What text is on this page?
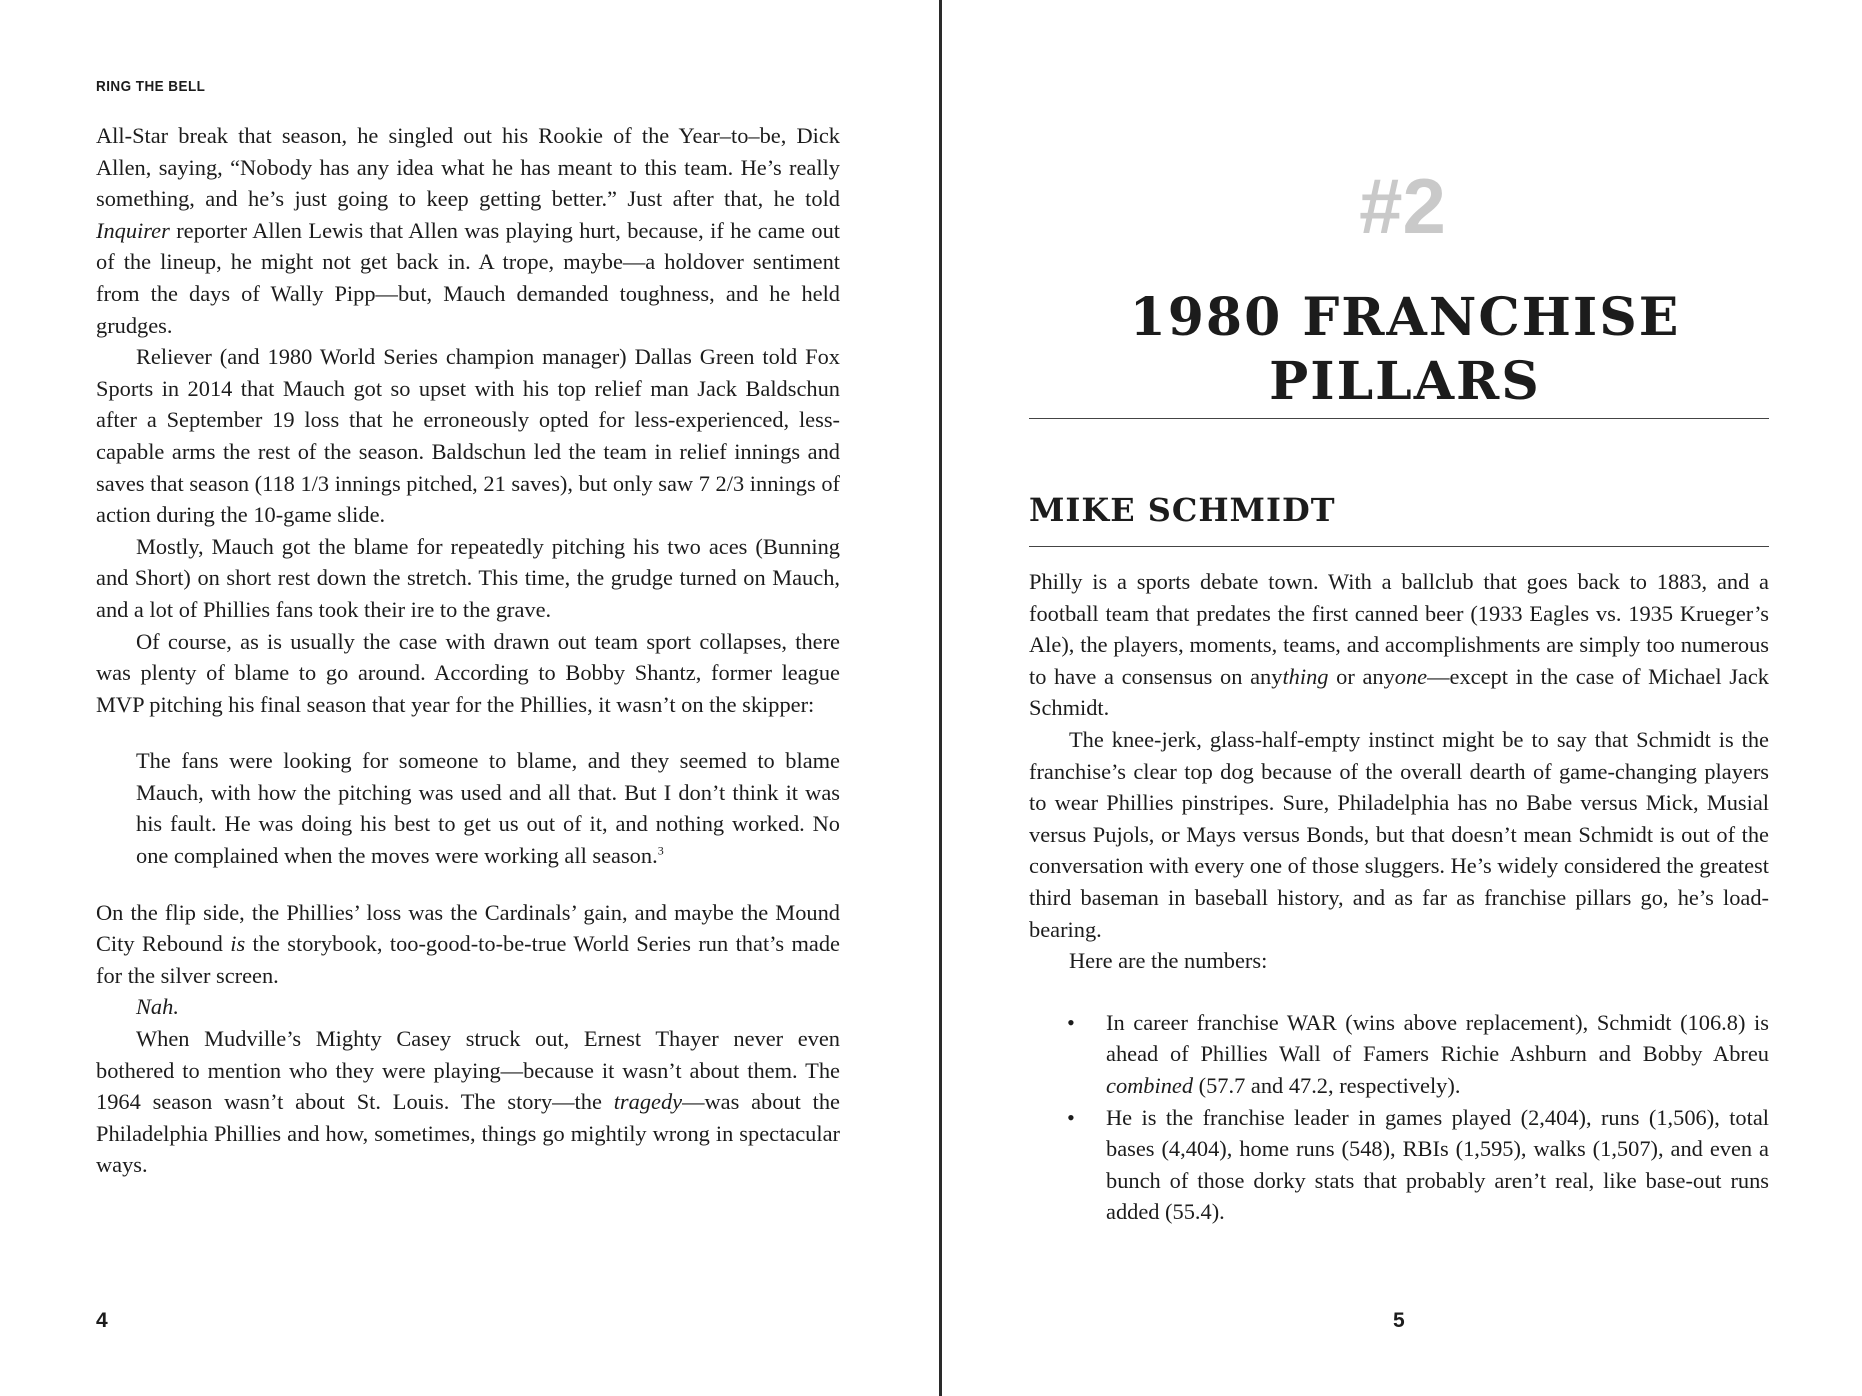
RING THE BELL

All-Star break that season, he singled out his Rookie of the Year–to–be, Dick Allen, saying, “Nobody has any idea what he has meant to this team. He’s really something, and he’s just going to keep getting better.” Just after that, he told Inquirer reporter Allen Lewis that Allen was playing hurt, because, if he came out of the lineup, he might not get back in. A trope, maybe—a holdover sentiment from the days of Wally Pipp—but, Mauch demanded toughness, and he held grudges.

Reliever (and 1980 World Series champion manager) Dallas Green told Fox Sports in 2014 that Mauch got so upset with his top relief man Jack Baldschun after a September 19 loss that he erroneously opted for less-experienced, less-capable arms the rest of the season. Baldschun led the team in relief innings and saves that season (118 1/3 innings pitched, 21 saves), but only saw 7 2/3 innings of action during the 10-game slide.

Mostly, Mauch got the blame for repeatedly pitching his two aces (Bunning and Short) on short rest down the stretch. This time, the grudge turned on Mauch, and a lot of Phillies fans took their ire to the grave.

Of course, as is usually the case with drawn out team sport collapses, there was plenty of blame to go around. According to Bobby Shantz, former league MVP pitching his final season that year for the Phillies, it wasn’t on the skipper:

The fans were looking for someone to blame, and they seemed to blame Mauch, with how the pitching was used and all that. But I don’t think it was his fault. He was doing his best to get us out of it, and nothing worked. No one complained when the moves were working all season.$^3$

On the flip side, the Phillies’ loss was the Cardinals’ gain, and maybe the Mound City Rebound is the storybook, too-good-to-be-true World Series run that’s made for the silver screen.

Nah.

When Mudville’s Mighty Casey struck out, Ernest Thayer never even bothered to mention who they were playing—because it wasn’t about them. The 1964 season wasn’t about St. Louis. The story—the tragedy—was about the Philadelphia Phillies and how, sometimes, things go mightily wrong in spectacular ways.

4
#2
1980 FRANCHISE
PILLARS
MIKE SCHMIDT

Philly is a sports debate town. With a ballclub that goes back to 1883, and a football team that predates the first canned beer (1933 Eagles vs. 1935 Krueger’s Ale), the players, moments, teams, and accomplishments are simply too numerous to have a consensus on anything or anyone—except in the case of Michael Jack Schmidt.

The knee-jerk, glass-half-empty instinct might be to say that Schmidt is the franchise’s clear top dog because of the overall dearth of game-changing players to wear Phillies pinstripes. Sure, Philadelphia has no Babe versus Mick, Musial versus Pujols, or Mays versus Bonds, but that doesn’t mean Schmidt is out of the conversation with every one of those sluggers. He’s widely considered the greatest third baseman in baseball history, and as far as franchise pillars go, he’s load-bearing.

Here are the numbers:

• In career franchise WAR (wins above replacement), Schmidt (106.8) is ahead of Phillies Wall of Famers Richie Ashburn and Bobby Abreu combined (57.7 and 47.2, respectively).
• He is the franchise leader in games played (2,404), runs (1,506), total bases (4,404), home runs (548), RBIs (1,595), walks (1,507), and even a bunch of those dorky stats that probably aren’t real, like base-out runs added (55.4).
5
